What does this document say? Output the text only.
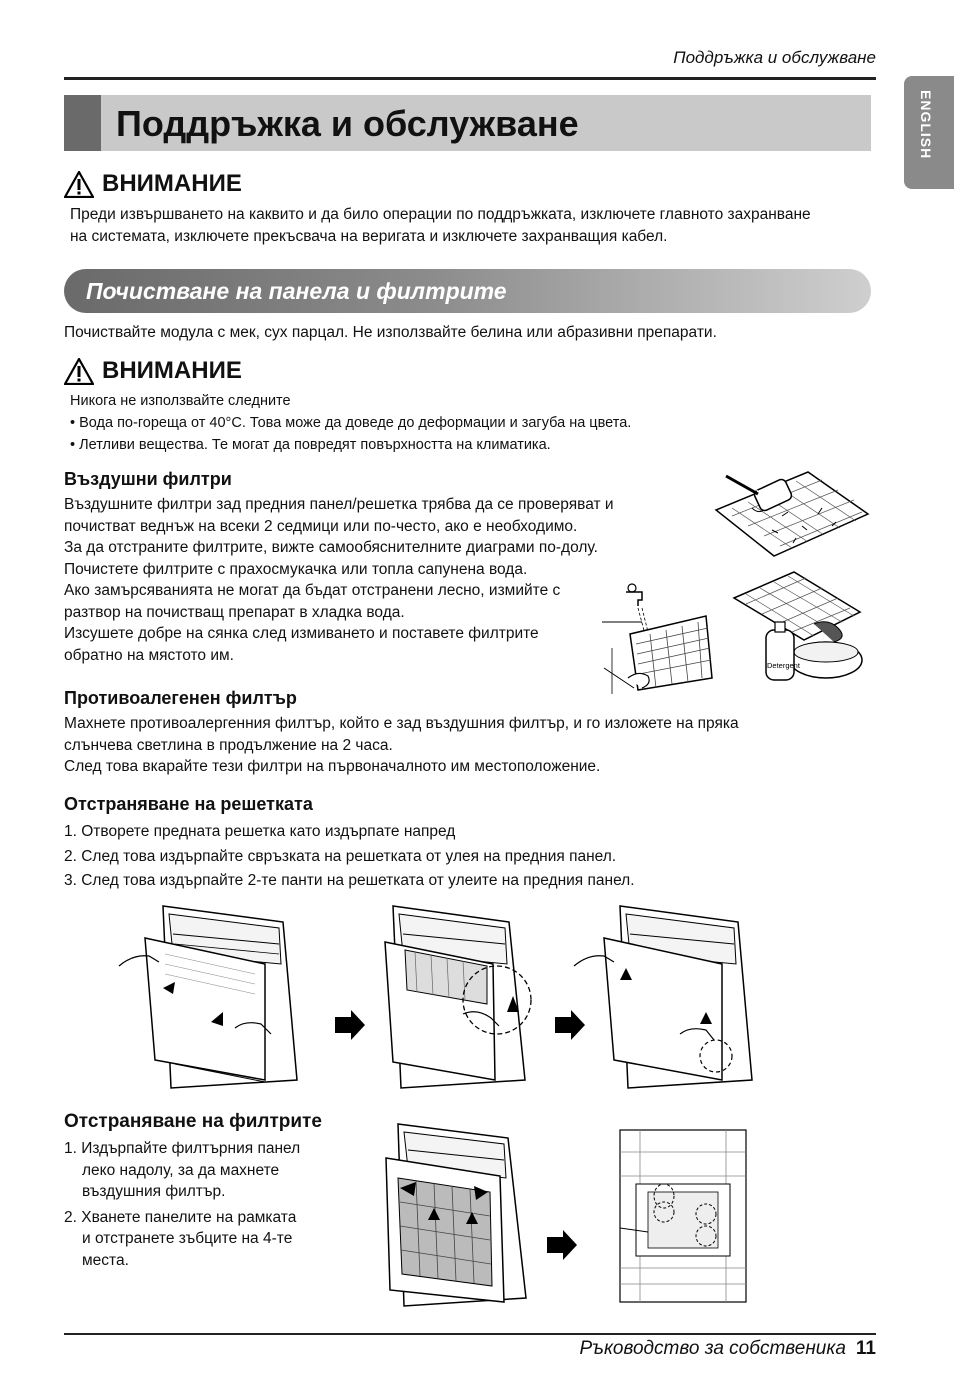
Поддръжка и обслужване
ENGLISH
Поддръжка и обслужване
ВНИМАНИЕ
Преди извършването на каквито и да било операции по поддръжката, изключете главното захранване
на системата, изключете прекъсвача на веригата и изключете захранващия кабел.
Почистване на панела и филтрите
Почиствайте модула с мек, сух парцал. Не използвайте белина или абразивни препарати.
ВНИМАНИЕ
Никога не използвайте следните
• Вода по-гореща от 40°C. Това може да доведе до деформации и загуба на цвета.
• Летливи вещества. Те могат да повредят повърхността на климатика.
Въздушни филтри
Въздушните филтри зад предния панел/решетка трябва да се проверяват и
почистват веднъж на всеки 2 седмици или по-често, ако е необходимо.
За да отстраните филтрите, вижте самообяснителните диаграми по-долу.
Почистете филтрите с прахосмукачка или топла сапунена вода.
Ако замърсяванията не могат да бъдат отстранени лесно, измийте с
разтвор на почистващ препарат в хладка вода.
Изсушете добре на сянка след измиването и поставете филтрите
обратно на мястото им.
Detergent
Противоалегенен филтър
Махнете противоалергенния филтър, който е зад въздушния филтър, и го изложете на пряка
слънчева светлина в продължение на 2 часа.
След това вкарайте тези филтри на първоначалното им местоположение.
Отстраняване на решетката
1. Отворете предната решетка като издърпате напред
2. След това издърпайте свръзката на решетката от улея на предния панел.
3. След това издърпайте 2-те панти на решетката от улеите на предния панел.
Отстраняване на филтрите
1. Издърпайте филтърния панел
леко надолу, за да махнете
въздушния филтър.
2. Хванете панелите на рамката
и отстранете зъбците на 4-те
места.
Ръководство за собственика 11
